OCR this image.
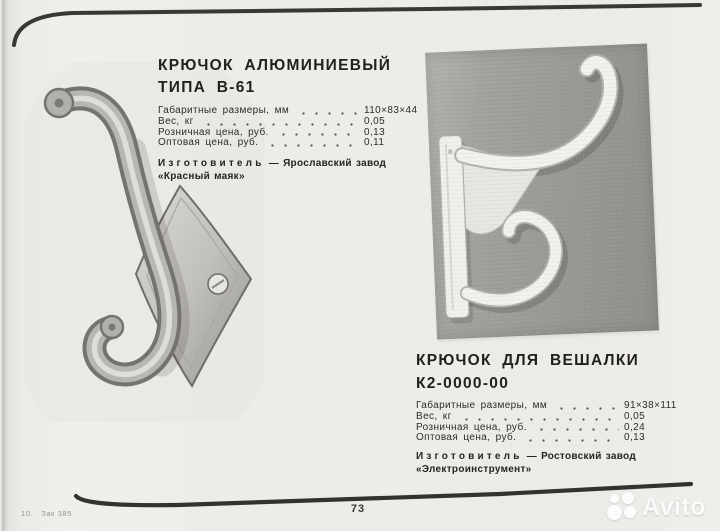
КРЮЧОК АЛЮМИНИЕВЫЙ
ТИПА В-61
Габаритные размеры, мм	110×83×44
Вес, кг	0,05
Розничная цена, руб.	0,13
Оптовая цена, руб.	0,11

Изготовитель — Ярославский завод «Красный маяк»

КРЮЧОК ДЛЯ ВЕШАЛКИ
К2-0000-00
Габаритные размеры, мм	91×38×111
Вес, кг	0,05
Розничная цена, руб.	0,24
Оптовая цена, руб.	0,13

Изготовитель — Ростовский завод «Электроинструмент»

10.   Зак 385	73	Avito
